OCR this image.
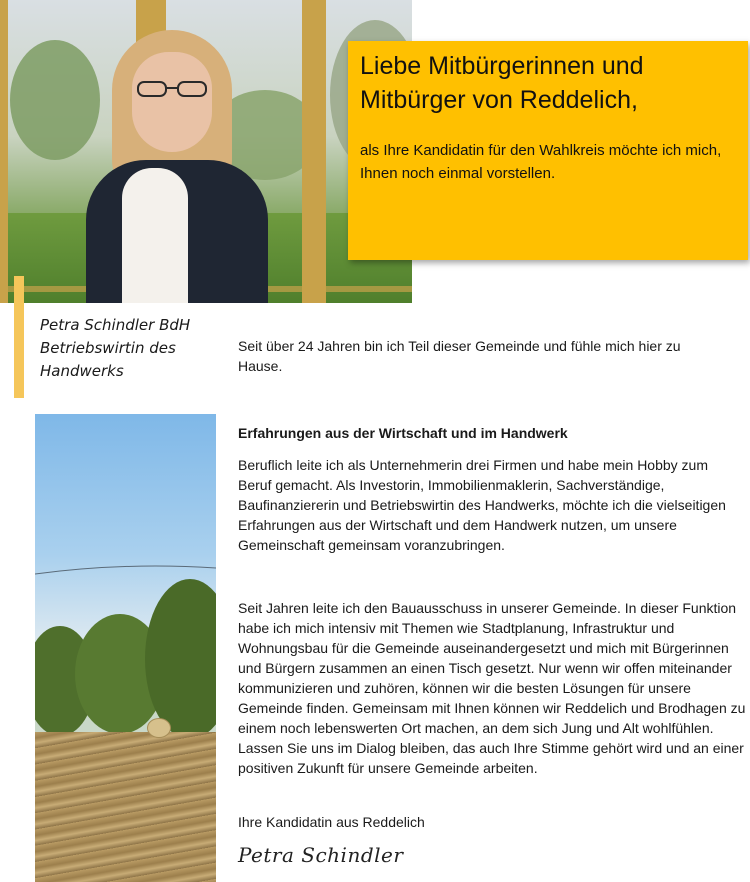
Liebe Mitbürgerinnen und Mitbürger von Reddelich,

als Ihre Kandidatin für den Wahlkreis möchte ich mich, Ihnen noch einmal vorstellen.

Petra Schindler BdH
Betriebswirtin des
Handwerks
Seit über 24 Jahren bin ich Teil dieser Gemeinde und fühle mich hier zu Hause.
Erfahrungen aus der Wirtschaft und im Handwerk
Beruflich leite ich als Unternehmerin drei Firmen und habe mein Hobby zum Beruf gemacht. Als Investorin, Immobilienmaklerin, Sachverständige, Baufinanziererin und Betriebswirtin des Handwerks, möchte ich die vielseitigen Erfahrungen aus der Wirtschaft und dem Handwerk nutzen, um unsere Gemeinschaft gemeinsam voranzubringen.
Seit Jahren leite ich den Bauausschuss in unserer Gemeinde. In dieser Funktion habe ich mich intensiv mit Themen wie Stadtplanung, Infrastruktur und Wohnungsbau für die Gemeinde auseinandergesetzt und mich mit Bürgerinnen und Bürgern zusammen an einen Tisch gesetzt. Nur wenn wir offen miteinander kommunizieren und zuhören, können wir die besten Lösungen für unsere Gemeinde finden. Gemeinsam mit Ihnen können wir Reddelich und Brodhagen zu einem noch lebenswerten Ort machen, an dem sich Jung und Alt wohlfühlen. Lassen Sie uns im Dialog bleiben, das auch Ihre Stimme gehört wird und an einer positiven Zukunft für unsere Gemeinde arbeiten.
Ihre Kandidatin aus Reddelich
Petra Schindler
